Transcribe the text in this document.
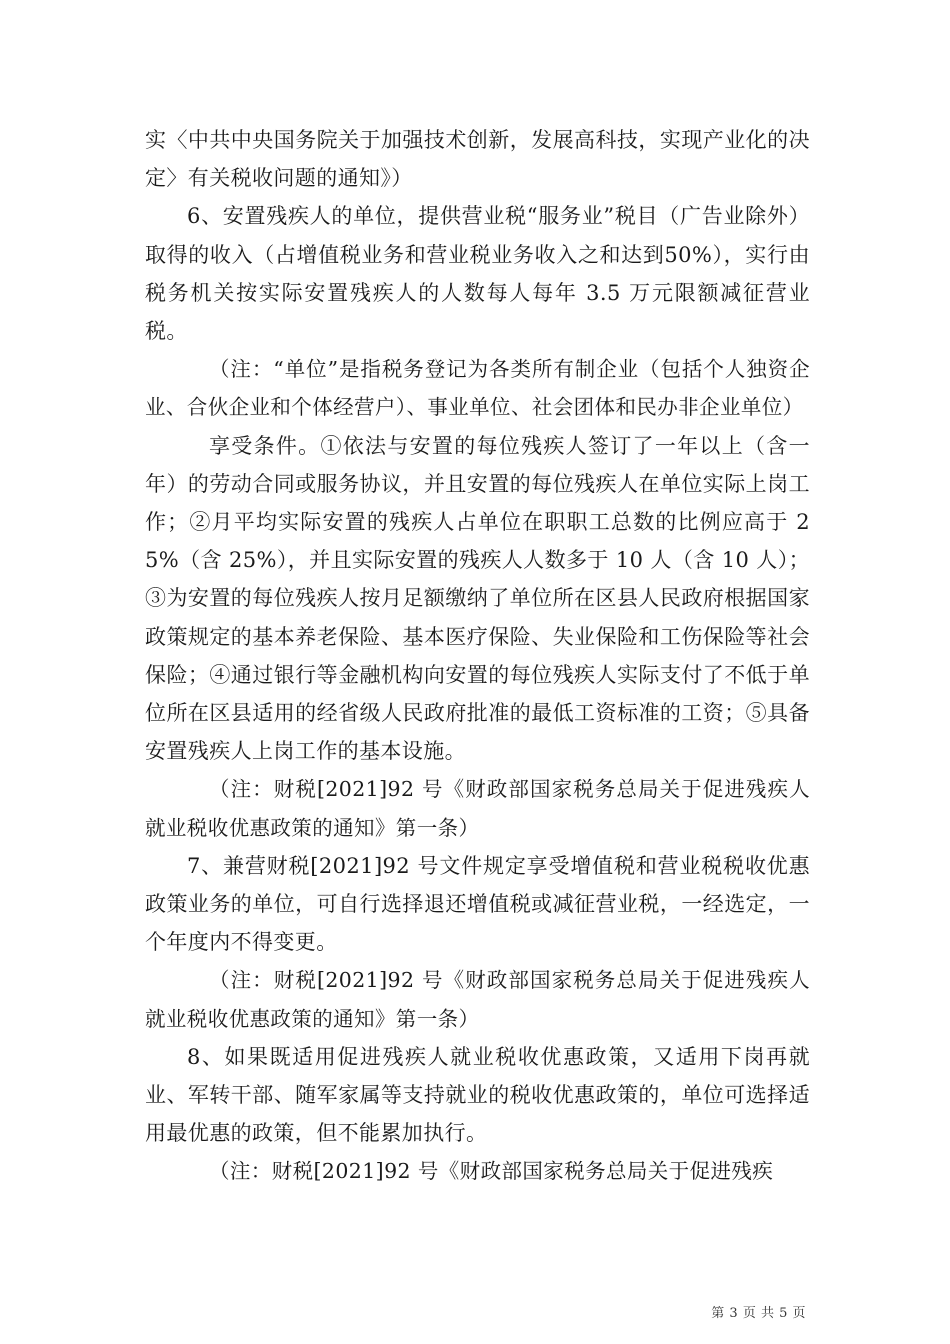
实〈中共中央国务院关于加强技术创新，发展高科技，实现产业化的决定〉有关税收问题的通知》）

6、安置残疾人的单位，提供营业税“服务业”税目（广告业除外）取得的收入（占增值税业务和营业税业务收入之和达到50%），实行由税务机关按实际安置残疾人的人数每人每年 3.5 万元限额减征营业税。

（注：“单位”是指税务登记为各类所有制企业（包括个人独资企业、合伙企业和个体经营户）、事业单位、社会团体和民办非企业单位）

享受条件。①依法与安置的每位残疾人签订了一年以上（含一年）的劳动合同或服务协议，并且安置的每位残疾人在单位实际上岗工作；②月平均实际安置的残疾人占单位在职职工总数的比例应高于 25%（含 25%），并且实际安置的残疾人人数多于 10 人（含 10 人）；③为安置的每位残疾人按月足额缴纳了单位所在区县人民政府根据国家政策规定的基本养老保险、基本医疗保险、失业保险和工伤保险等社会保险；④通过银行等金融机构向安置的每位残疾人实际支付了不低于单位所在区县适用的经省级人民政府批准的最低工资标准的工资；⑤具备安置残疾人上岗工作的基本设施。

（注：财税[2021]92 号《财政部国家税务总局关于促进残疾人就业税收优惠政策的通知》第一条）

7、兼营财税[2021]92 号文件规定享受增值税和营业税税收优惠政策业务的单位，可自行选择退还增值税或减征营业税，一经选定，一个年度内不得变更。

（注：财税[2021]92 号《财政部国家税务总局关于促进残疾人就业税收优惠政策的通知》第一条）

8、如果既适用促进残疾人就业税收优惠政策，又适用下岗再就业、军转干部、随军家属等支持就业的税收优惠政策的，单位可选择适用最优惠的政策，但不能累加执行。

（注：财税[2021]92 号《财政部国家税务总局关于促进残疾

第 3 页 共 5 页
